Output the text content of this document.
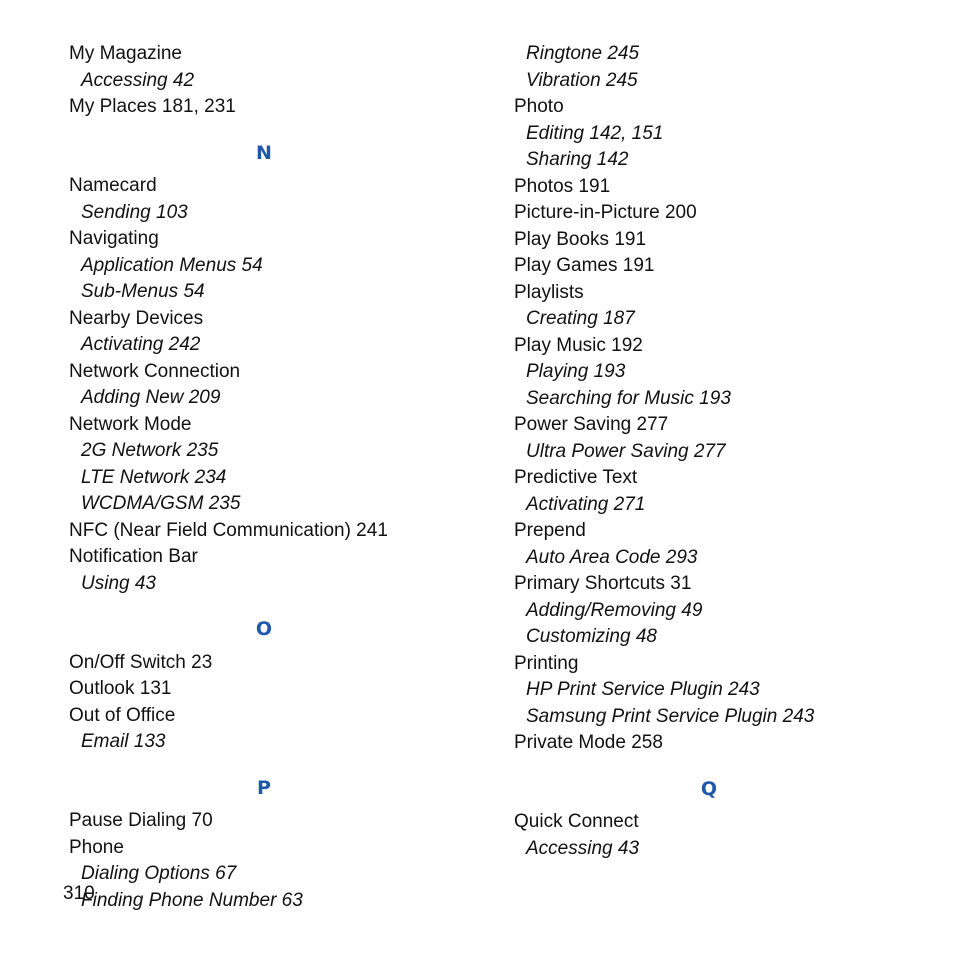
My Magazine
Accessing 42
My Places 181, 231
N
Namecard
Sending 103
Navigating
Application Menus 54
Sub-Menus 54
Nearby Devices
Activating 242
Network Connection
Adding New 209
Network Mode
2G Network 235
LTE Network 234
WCDMA/GSM 235
NFC (Near Field Communication) 241
Notification Bar
Using 43
O
On/Off Switch 23
Outlook 131
Out of Office
Email 133
P
Pause Dialing 70
Phone
Dialing Options 67
Finding Phone Number 63
Ringtone 245
Vibration 245
Photo
Editing 142, 151
Sharing 142
Photos 191
Picture-in-Picture 200
Play Books 191
Play Games 191
Playlists
Creating 187
Play Music 192
Playing 193
Searching for Music 193
Power Saving 277
Ultra Power Saving 277
Predictive Text
Activating 271
Prepend
Auto Area Code 293
Primary Shortcuts 31
Adding/Removing 49
Customizing 48
Printing
HP Print Service Plugin 243
Samsung Print Service Plugin 243
Private Mode 258
Q
Quick Connect
Accessing 43
310
